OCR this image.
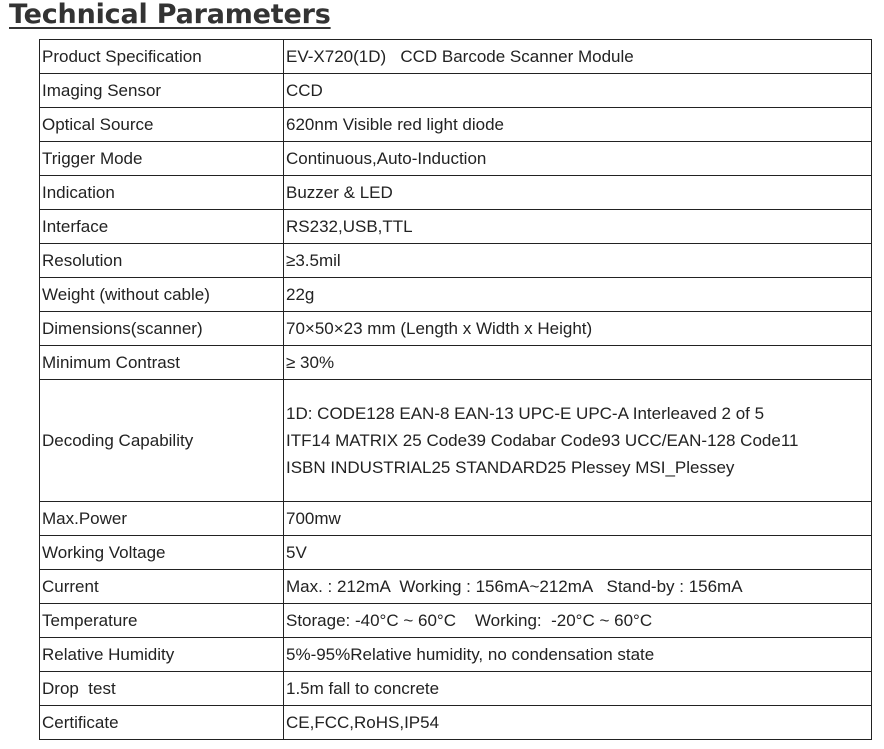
Technical Parameters
Product Specification	EV-X720(1D)   CCD Barcode Scanner Module
Imaging Sensor	CCD
Optical Source	620nm Visible red light diode
Trigger Mode	Continuous,Auto-Induction
Indication	Buzzer & LED
Interface	RS232,USB,TTL
Resolution	≥3.5mil
Weight (without cable)	22g
Dimensions(scanner)	70×50×23 mm (Length x Width x Height)
Minimum Contrast	≥ 30%
Decoding Capability	1D: CODE128 EAN-8 EAN-13 UPC-E UPC-A Interleaved 2 of 5
ITF14 MATRIX 25 Code39 Codabar Code93 UCC/EAN-128 Code11
ISBN INDUSTRIAL25 STANDARD25 Plessey MSI_Plessey

Max.Power	700mw
Working Voltage	5V
Current	Max. : 212mA  Working : 156mA~212mA   Stand-by : 156mA
Temperature	Storage: -40°C ~ 60°C    Working:  -20°C ~ 60°C
Relative Humidity	5%-95%Relative humidity, no condensation state
Drop  test	1.5m fall to concrete
Certificate	CE,FCC,RoHS,IP54
